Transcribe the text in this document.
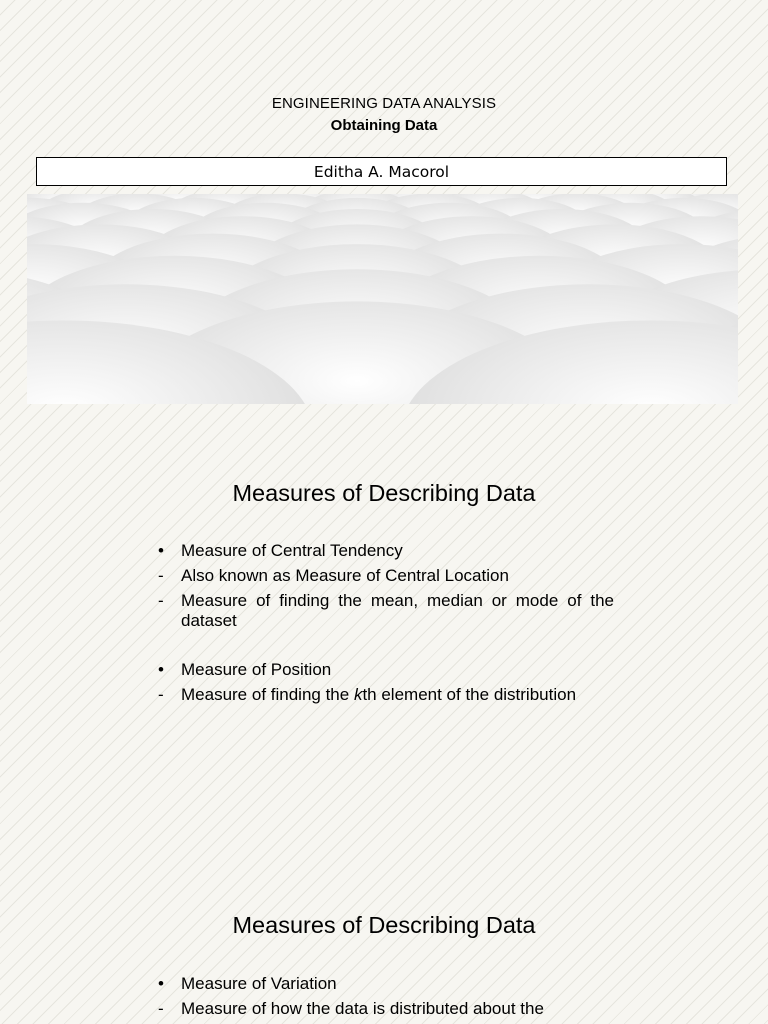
ENGINEERING DATA ANALYSIS
Obtaining Data
Editha A. Macorol
Measures of Describing Data
•	Measure of Central Tendency
-	Also known as Measure of Central Location
-	Measure of finding the mean, median or mode of the dataset
•	Measure of Position
-	Measure of finding the kth element of the distribution
Measures of Describing Data
•	Measure of Variation
-	Measure of how the data is distributed about the
